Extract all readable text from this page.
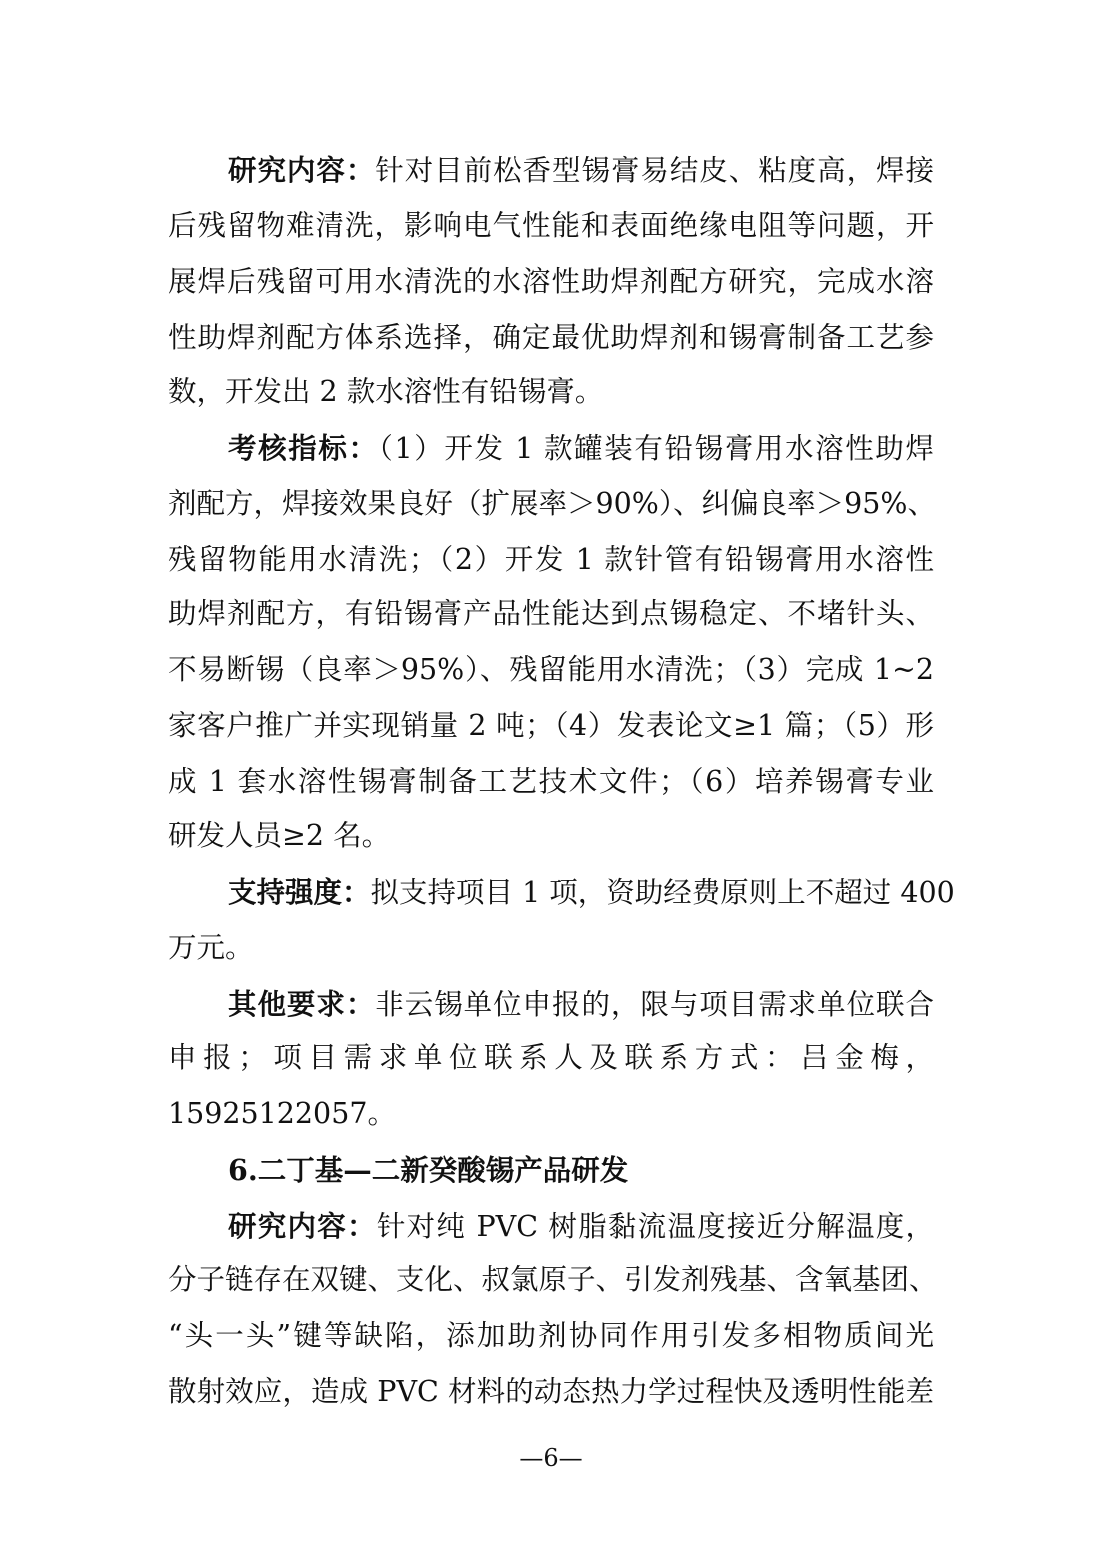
研究内容：针对目前松香型锡膏易结皮、粘度高，焊接
后残留物难清洗，影响电气性能和表面绝缘电阻等问题，开
展焊后残留可用水清洗的水溶性助焊剂配方研究，完成水溶
性助焊剂配方体系选择，确定最优助焊剂和锡膏制备工艺参
数，开发出 2 款水溶性有铅锡膏。
考核指标：（1）开发 1 款罐装有铅锡膏用水溶性助焊
剂配方，焊接效果良好（扩展率＞90%）、纠偏良率＞95%、
残留物能用水清洗；（2）开发 1 款针管有铅锡膏用水溶性
助焊剂配方，有铅锡膏产品性能达到点锡稳定、不堵针头、
不易断锡（良率＞95%）、残留能用水清洗；（3）完成 1~2
家客户推广并实现销量 2 吨；（4）发表论文≥1 篇；（5）形
成 1 套水溶性锡膏制备工艺技术文件；（6）培养锡膏专业
研发人员≥2 名。
支持强度：拟支持项目 1 项，资助经费原则上不超过 400
万元。
其他要求：非云锡单位申报的，限与项目需求单位联合
申报；项目需求单位联系人及联系方式：吕金梅，
15925122057。
6.二丁基—二新癸酸锡产品研发
研究内容：针对纯 PVC 树脂黏流温度接近分解温度，
分子链存在双键、支化、叔氯原子、引发剂残基、含氧基团、
“头一头”键等缺陷，添加助剂协同作用引发多相物质间光
散射效应，造成 PVC 材料的动态热力学过程快及透明性能差
—6—
